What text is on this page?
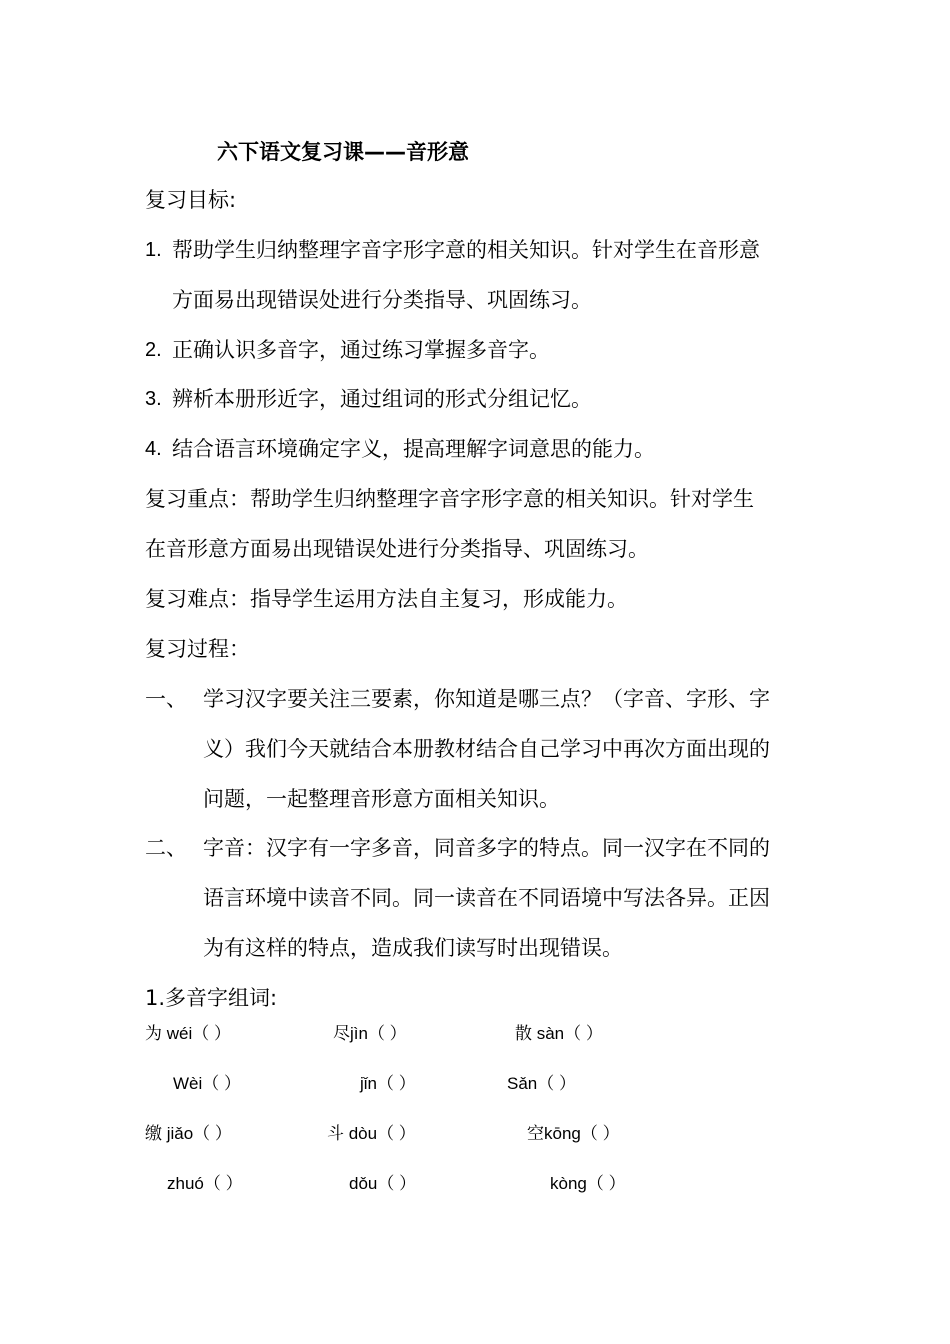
六下语文复习课——音形意
复习目标:
1. 帮助学生归纳整理字音字形字意的相关知识。针对学生在音形意
方面易出现错误处进行分类指导、巩固练习。
2. 正确认识多音字，通过练习掌握多音字。
3. 辨析本册形近字，通过组词的形式分组记忆。
4. 结合语言环境确定字义，提高理解字词意思的能力。
复习重点：帮助学生归纳整理字音字形字意的相关知识。针对学生
在音形意方面易出现错误处进行分类指导、巩固练习。
复习难点：指导学生运用方法自主复习，形成能力。
复习过程：
一、 学习汉字要关注三要素，你知道是哪三点？（字音、字形、字
义）我们今天就结合本册教材结合自己学习中再次方面出现的
问题，一起整理音形意方面相关知识。
二、 字音：汉字有一字多音，同音多字的特点。同一汉字在不同的
语言环境中读音不同。同一读音在不同语境中写法各异。正因
为有这样的特点，造成我们读写时出现错误。
1.多音字组词:
为 wéi（ ）	尽jìn（ ）	散 sàn（ ）
Wèi（ ）	jǐn（ ）	Sǎn（ ）
缴 jiǎo（ ）	斗 dòu（ ）	空kōng（ ）
zhuó（ ）	dǒu（ ）	kòng（ ）
